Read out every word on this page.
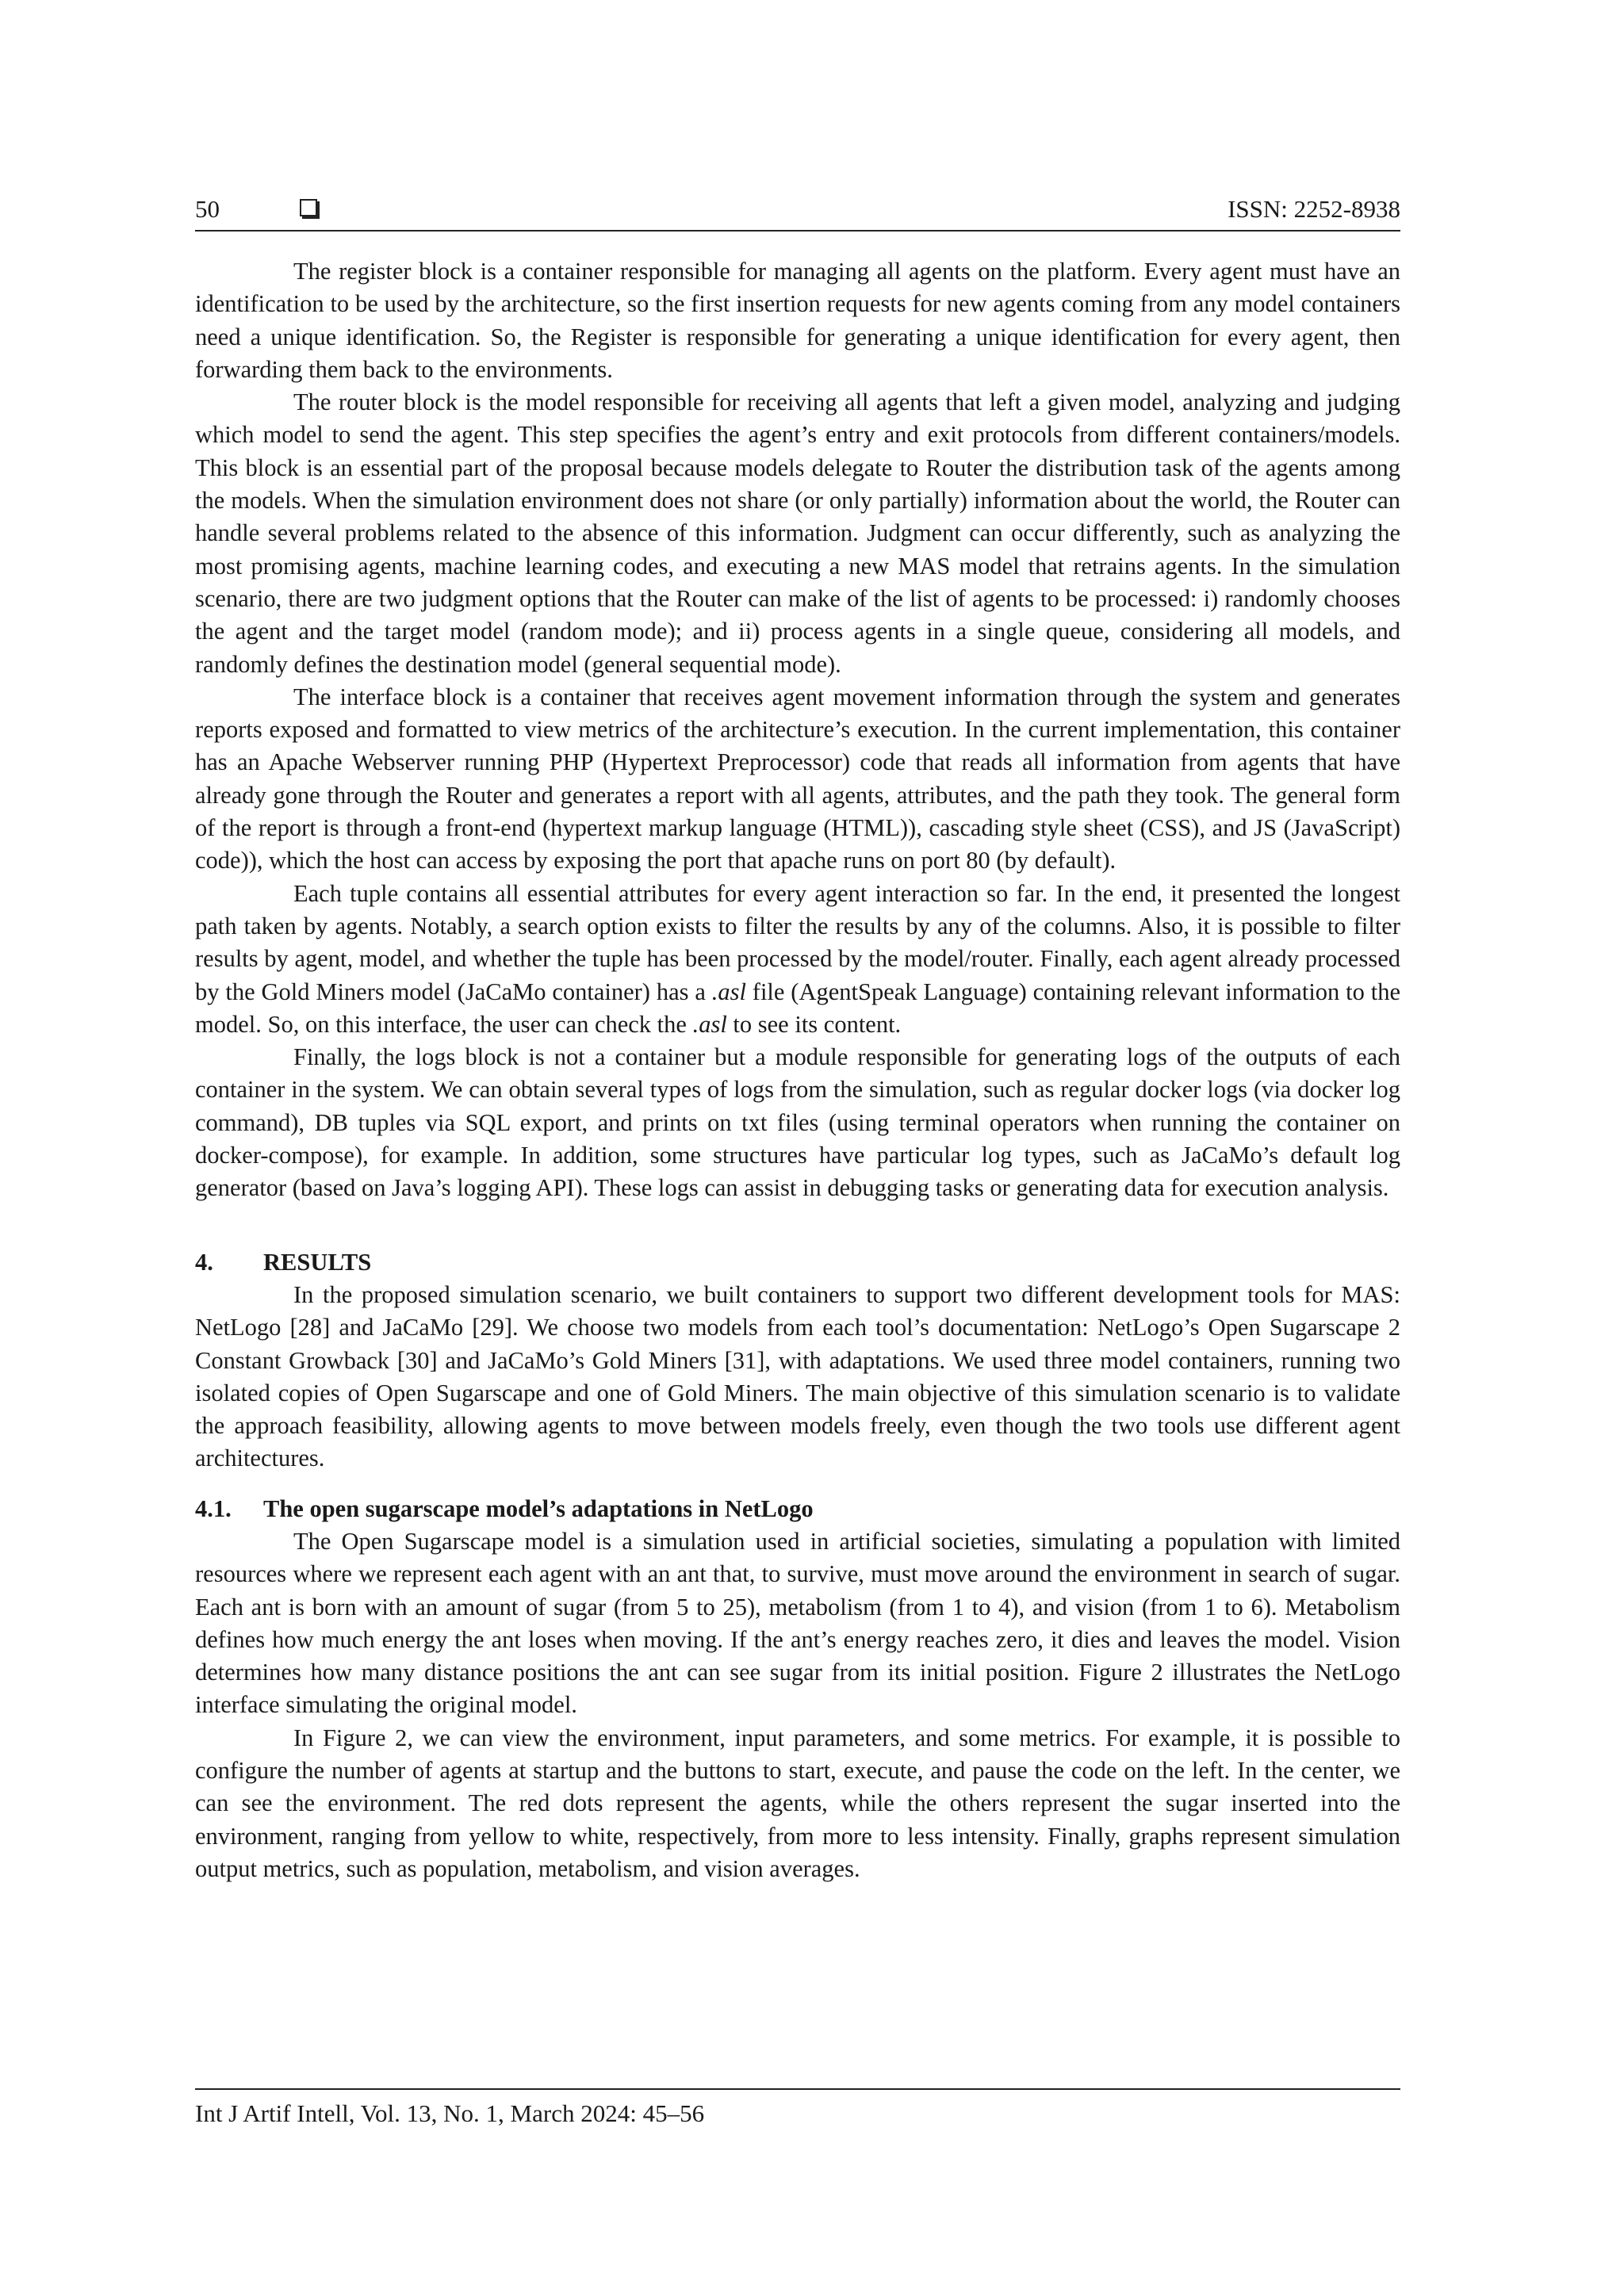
50	ISSN: 2252-8938

The register block is a container responsible for managing all agents on the platform. Every agent must have an identification to be used by the architecture, so the first insertion requests for new agents coming from any model containers need a unique identification. So, the Register is responsible for generating a unique identification for every agent, then forwarding them back to the environments.

The router block is the model responsible for receiving all agents that left a given model, analyzing and judging which model to send the agent. This step specifies the agent’s entry and exit protocols from different containers/models. This block is an essential part of the proposal because models delegate to Router the distribution task of the agents among the models. When the simulation environment does not share (or only partially) information about the world, the Router can handle several problems related to the absence of this information. Judgment can occur differently, such as analyzing the most promising agents, machine learning codes, and executing a new MAS model that retrains agents. In the simulation scenario, there are two judgment options that the Router can make of the list of agents to be processed: i) randomly chooses the agent and the target model (random mode); and ii) process agents in a single queue, considering all models, and randomly defines the destination model (general sequential mode).

The interface block is a container that receives agent movement information through the system and generates reports exposed and formatted to view metrics of the architecture’s execution. In the current implementation, this container has an Apache Webserver running PHP (Hypertext Preprocessor) code that reads all information from agents that have already gone through the Router and generates a report with all agents, attributes, and the path they took. The general form of the report is through a front-end (hypertext markup language (HTML)), cascading style sheet (CSS), and JS (JavaScript) code)), which the host can access by exposing the port that apache runs on port 80 (by default).

Each tuple contains all essential attributes for every agent interaction so far. In the end, it presented the longest path taken by agents. Notably, a search option exists to filter the results by any of the columns. Also, it is possible to filter results by agent, model, and whether the tuple has been processed by the model/router. Finally, each agent already processed by the Gold Miners model (JaCaMo container) has a .asl file (AgentSpeak Language) containing relevant information to the model. So, on this interface, the user can check the .asl to see its content.

Finally, the logs block is not a container but a module responsible for generating logs of the outputs of each container in the system. We can obtain several types of logs from the simulation, such as regular docker logs (via docker log command), DB tuples via SQL export, and prints on txt files (using terminal operators when running the container on docker-compose), for example. In addition, some structures have particular log types, such as JaCaMo’s default log generator (based on Java’s logging API). These logs can assist in debugging tasks or generating data for execution analysis.

4. RESULTS

In the proposed simulation scenario, we built containers to support two different development tools for MAS: NetLogo [28] and JaCaMo [29]. We choose two models from each tool’s documentation: NetLogo’s Open Sugarscape 2 Constant Growback [30] and JaCaMo’s Gold Miners [31], with adaptations. We used three model containers, running two isolated copies of Open Sugarscape and one of Gold Miners. The main objective of this simulation scenario is to validate the approach feasibility, allowing agents to move between models freely, even though the two tools use different agent architectures.

4.1. The open sugarscape model’s adaptations in NetLogo

The Open Sugarscape model is a simulation used in artificial societies, simulating a population with limited resources where we represent each agent with an ant that, to survive, must move around the environment in search of sugar. Each ant is born with an amount of sugar (from 5 to 25), metabolism (from 1 to 4), and vision (from 1 to 6). Metabolism defines how much energy the ant loses when moving. If the ant’s energy reaches zero, it dies and leaves the model. Vision determines how many distance positions the ant can see sugar from its initial position. Figure 2 illustrates the NetLogo interface simulating the original model.

In Figure 2, we can view the environment, input parameters, and some metrics. For example, it is possible to configure the number of agents at startup and the buttons to start, execute, and pause the code on the left. In the center, we can see the environment. The red dots represent the agents, while the others represent the sugar inserted into the environment, ranging from yellow to white, respectively, from more to less intensity. Finally, graphs represent simulation output metrics, such as population, metabolism, and vision averages.

Int J Artif Intell, Vol. 13, No. 1, March 2024: 45–56
